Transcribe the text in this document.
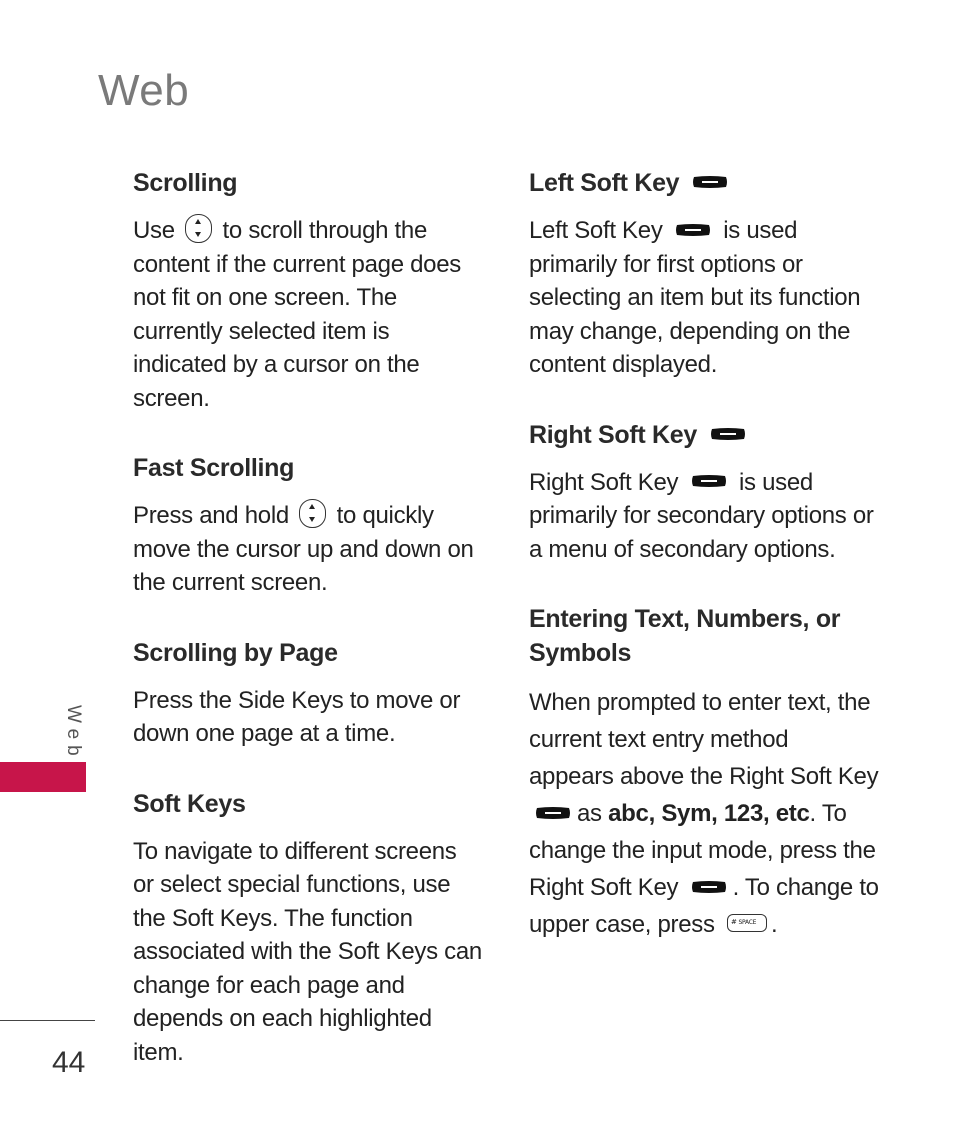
Web
Scrolling

Use to scroll through the content if the current page does not fit on one screen. The currently selected item is indicated by a cursor on the screen.

Fast Scrolling

Press and hold to quickly move the cursor up and down on the current screen.

Scrolling by Page

Press the Side Keys to move or down one page at a time.

Soft Keys

To navigate to different screens or select special functions, use the Soft Keys. The function associated with the Soft Keys can change for each page and depends on each highlighted item.

Left Soft Key

Left Soft Key	is used primarily for first options or selecting an item but its function may change, depending on the content displayed.

Right Soft Key

Right Soft Key	is used primarily for secondary options or a menu of secondary options.

Entering Text, Numbers, or Symbols

When prompted to enter text, the current text entry method appears above the Right Soft Key
as abc, Sym, 123, etc. To change the input mode, press the Right Soft Key . To change to upper case, press # SPACE .

Web
44
